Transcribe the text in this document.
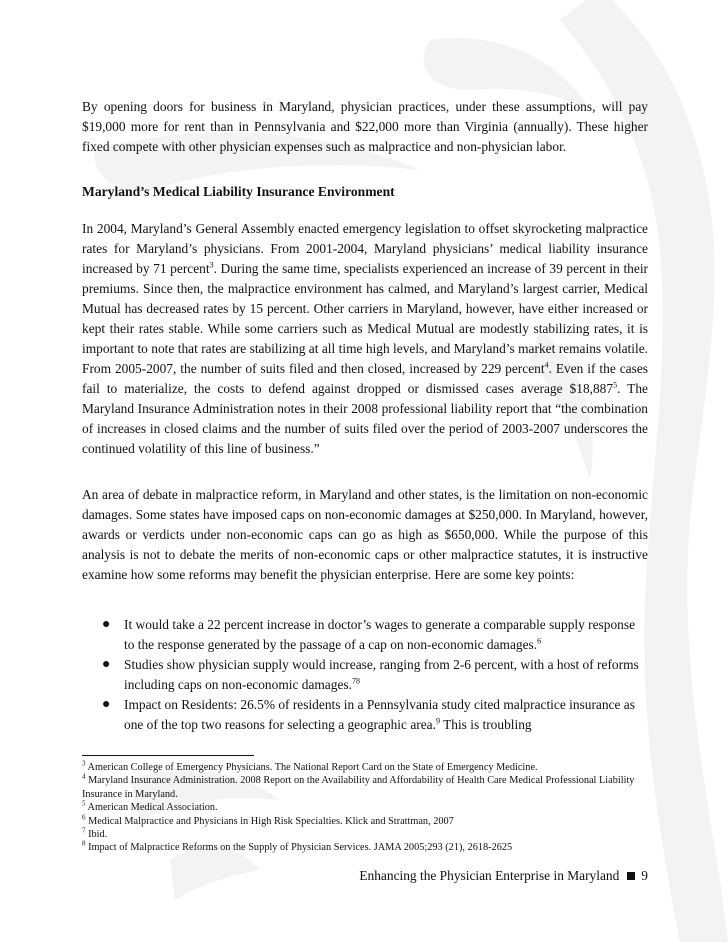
By opening doors for business in Maryland, physician practices, under these assumptions, will pay $19,000 more for rent than in Pennsylvania and $22,000 more than Virginia (annually). These higher fixed compete with other physician expenses such as malpractice and non-physician labor.

Maryland’s Medical Liability Insurance Environment

In 2004, Maryland’s General Assembly enacted emergency legislation to offset skyrocketing malpractice rates for Maryland’s physicians. From 2001-2004, Maryland physicians’ medical liability insurance increased by 71 percent$^3$. During the same time, specialists experienced an increase of 39 percent in their premiums. Since then, the malpractice environment has calmed, and Maryland’s largest carrier, Medical Mutual has decreased rates by 15 percent. Other carriers in Maryland, however, have either increased or kept their rates stable. While some carriers such as Medical Mutual are modestly stabilizing rates, it is important to note that rates are stabilizing at all time high levels, and Maryland’s market remains volatile. From 2005-2007, the number of suits filed and then closed, increased by 229 percent$^4$. Even if the cases fail to materialize, the costs to defend against dropped or dismissed cases average $18,887$^5$. The Maryland Insurance Administration notes in their 2008 professional liability report that “the combination of increases in closed claims and the number of suits filed over the period of 2003-2007 underscores the continued volatility of this line of business.”

An area of debate in malpractice reform, in Maryland and other states, is the limitation on non-economic damages. Some states have imposed caps on non-economic damages at $250,000. In Maryland, however, awards or verdicts under non-economic caps can go as high as $650,000. While the purpose of this analysis is not to debate the merits of non-economic caps or other malpractice statutes, it is instructive examine how some reforms may benefit the physician enterprise. Here are some key points:

● It would take a 22 percent increase in doctor’s wages to generate a comparable supply response to the response generated by the passage of a cap on non-economic damages.$^6$
● Studies show physician supply would increase, ranging from 2-6 percent, with a host of reforms including caps on non-economic damages.$^{78}$
● Impact on Residents: 26.5% of residents in a Pennsylvania study cited malpractice insurance as one of the top two reasons for selecting a geographic area.$^9$ This is troubling
$^3$ American College of Emergency Physicians. The National Report Card on the State of Emergency Medicine.
$^4$ Maryland Insurance Administration. 2008 Report on the Availability and Affordability of Health Care Medical Professional Liability Insurance in Maryland.
$^5$ American Medical Association.
$^6$ Medical Malpractice and Physicians in High Risk Specialties. Klick and Strattman, 2007
$^7$ Ibid.
$^8$ Impact of Malpractice Reforms on the Supply of Physician Services. JAMA 2005;293 (21), 2618-2625
Enhancing the Physician Enterprise in Maryland 9
